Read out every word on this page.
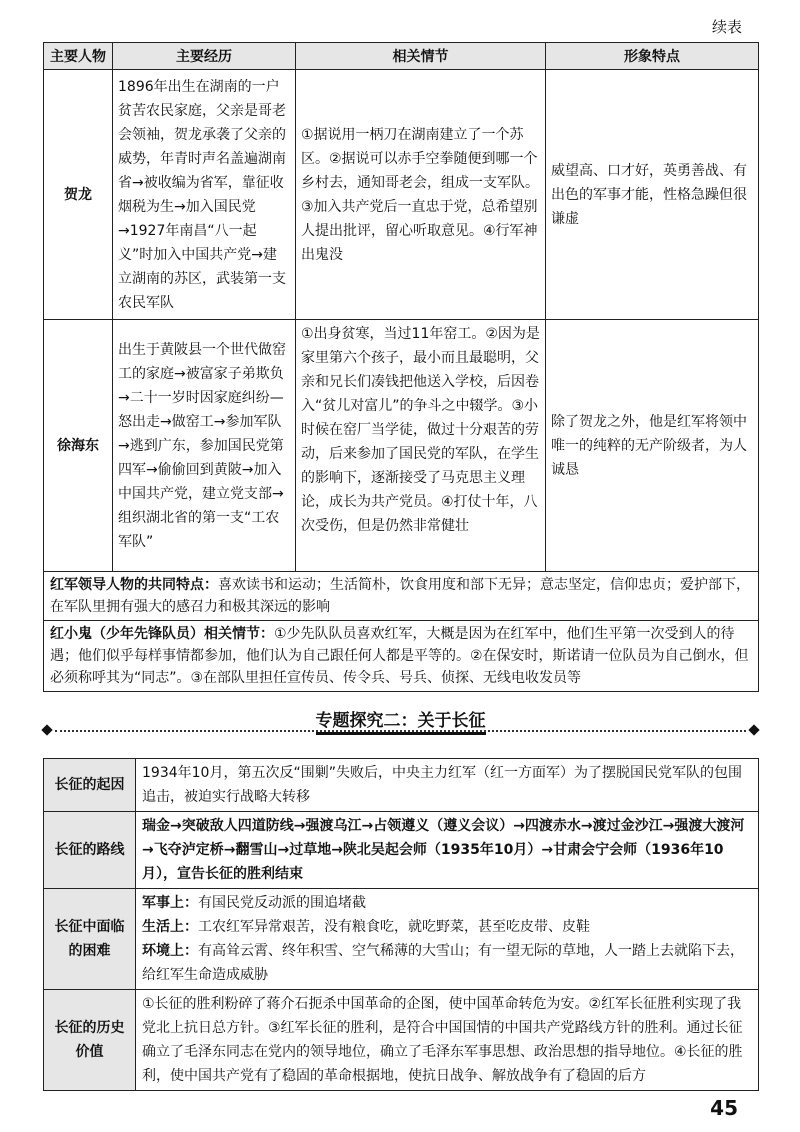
续表
主要人物	主要经历	相关情节	形象特点
贺龙	1896年出生在湖南的一户贫苦农民家庭，父亲是哥老会领袖，贺龙承袭了父亲的威势，年青时声名盖遍湖南省→被收编为省军，靠征收烟税为生→加入国民党→1927年南昌“八一起义”时加入中国共产党→建立湖南的苏区，武装第一支农民军队	①据说用一柄刀在湖南建立了一个苏区。②据说可以赤手空拳随便到哪一个乡村去，通知哥老会，组成一支军队。③加入共产党后一直忠于党，总希望别人提出批评，留心听取意见。④行军神出鬼没	威望高、口才好，英勇善战、有出色的军事才能，性格急躁但很谦虚
徐海东	出生于黄陂县一个世代做窑工的家庭→被富家子弟欺负→二十一岁时因家庭纠纷—怒出走→做窑工→参加军队→逃到广东，参加国民党第四军→偷偷回到黄陂→加入中国共产党，建立党支部→组织湖北省的第一支“工农军队”	①出身贫寒，当过11年窑工。②因为是家里第六个孩子，最小而且最聪明，父亲和兄长们凑钱把他送入学校，后因卷入“贫儿对富儿”的争斗之中辍学。③小时候在窑厂当学徒，做过十分艰苦的劳动，后来参加了国民党的军队，在学生的影响下，逐渐接受了马克思主义理论，成长为共产党员。④打仗十年，八次受伤，但是仍然非常健壮	除了贺龙之外，他是红军将领中唯一的纯粹的无产阶级者，为人诚恳
红军领导人物的共同特点：喜欢读书和运动；生活简朴，饮食用度和部下无异；意志坚定，信仰忠贞；爱护部下，在军队里拥有强大的感召力和极其深远的影响			
红小鬼（少年先锋队员）相关情节：①少先队队员喜欢红军，大概是因为在红军中，他们生平第一次受到人的待遇；他们似乎每样事情都参加，他们认为自己跟任何人都是平等的。②在保安时，斯诺请一位队员为自己倒水，但必须称呼其为“同志”。③在部队里担任宣传员、传令兵、号兵、侦探、无线电收发员等			
专题探究二：关于长征
长征的起因	1934年10月，第五次反“围剿”失败后，中央主力红军（红一方面军）为了摆脱国民党军队的包围追击，被迫实行战略大转移
长征的路线	瑞金→突破敌人四道防线→强渡乌江→占领遵义（遵义会议）→四渡赤水→渡过金沙江→强渡大渡河→飞夺泸定桥→翻雪山→过草地→陕北吴起会师（1935年10月）→甘肃会宁会师（1936年10月），宣告长征的胜利结束
长征中面临的困难	军事上：有国民党反动派的围追堵截
生活上：工农红军异常艰苦，没有粮食吃，就吃野菜，甚至吃皮带、皮鞋
环境上：有高耸云霄、终年积雪、空气稀薄的大雪山；有一望无际的草地，人一踏上去就陷下去，给红军生命造成威胁

长征的历史价值	①长征的胜利粉碎了蒋介石扼杀中国革命的企图，使中国革命转危为安。②红军长征胜利实现了我党北上抗日总方针。③红军长征的胜利，是符合中国国情的中国共产党路线方针的胜利。通过长征确立了毛泽东同志在党内的领导地位，确立了毛泽东军事思想、政治思想的指导地位。④长征的胜利，使中国共产党有了稳固的革命根据地，使抗日战争、解放战争有了稳固的后方
45
